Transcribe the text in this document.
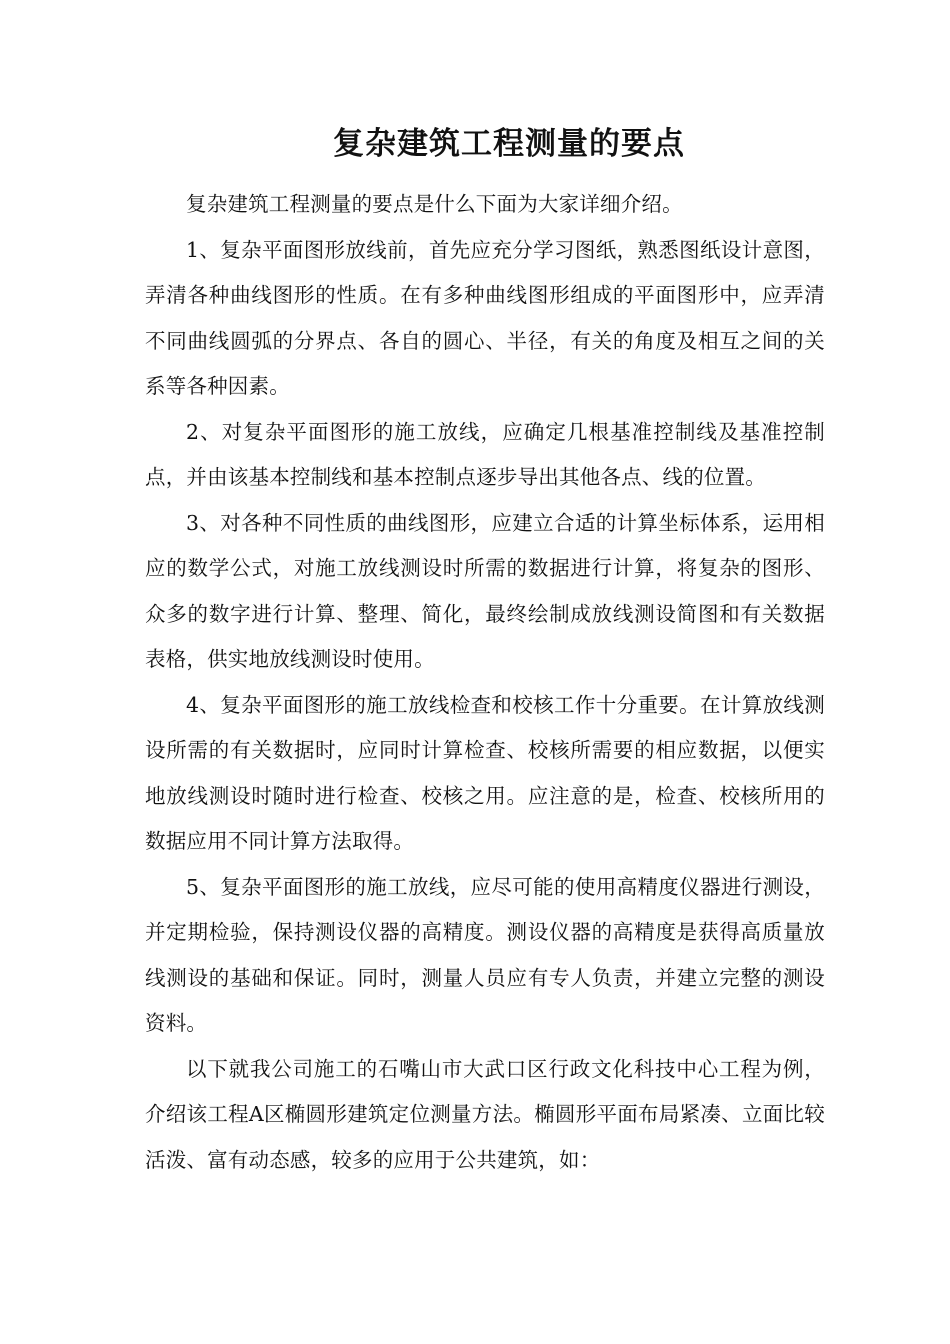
复杂建筑工程测量的要点

复杂建筑工程测量的要点是什么下面为大家详细介绍。

1、复杂平面图形放线前，首先应充分学习图纸，熟悉图纸设计意图，弄清各种曲线图形的性质。在有多种曲线图形组成的平面图形中，应弄清不同曲线圆弧的分界点、各自的圆心、半径，有关的角度及相互之间的关系等各种因素。

2、对复杂平面图形的施工放线，应确定几根基准控制线及基准控制点，并由该基本控制线和基本控制点逐步导出其他各点、线的位置。

3、对各种不同性质的曲线图形，应建立合适的计算坐标体系，运用相应的数学公式，对施工放线测设时所需的数据进行计算，将复杂的图形、众多的数字进行计算、整理、简化，最终绘制成放线测设简图和有关数据表格，供实地放线测设时使用。

4、复杂平面图形的施工放线检查和校核工作十分重要。在计算放线测设所需的有关数据时，应同时计算检查、校核所需要的相应数据，以便实地放线测设时随时进行检查、校核之用。应注意的是，检查、校核所用的数据应用不同计算方法取得。

5、复杂平面图形的施工放线，应尽可能的使用高精度仪器进行测设，并定期检验，保持测设仪器的高精度。测设仪器的高精度是获得高质量放线测设的基础和保证。同时，测量人员应有专人负责，并建立完整的测设资料。

以下就我公司施工的石嘴山市大武口区行政文化科技中心工程为例，介绍该工程A区椭圆形建筑定位测量方法。椭圆形平面布局紧凑、立面比较活泼、富有动态感，较多的应用于公共建筑，如：
